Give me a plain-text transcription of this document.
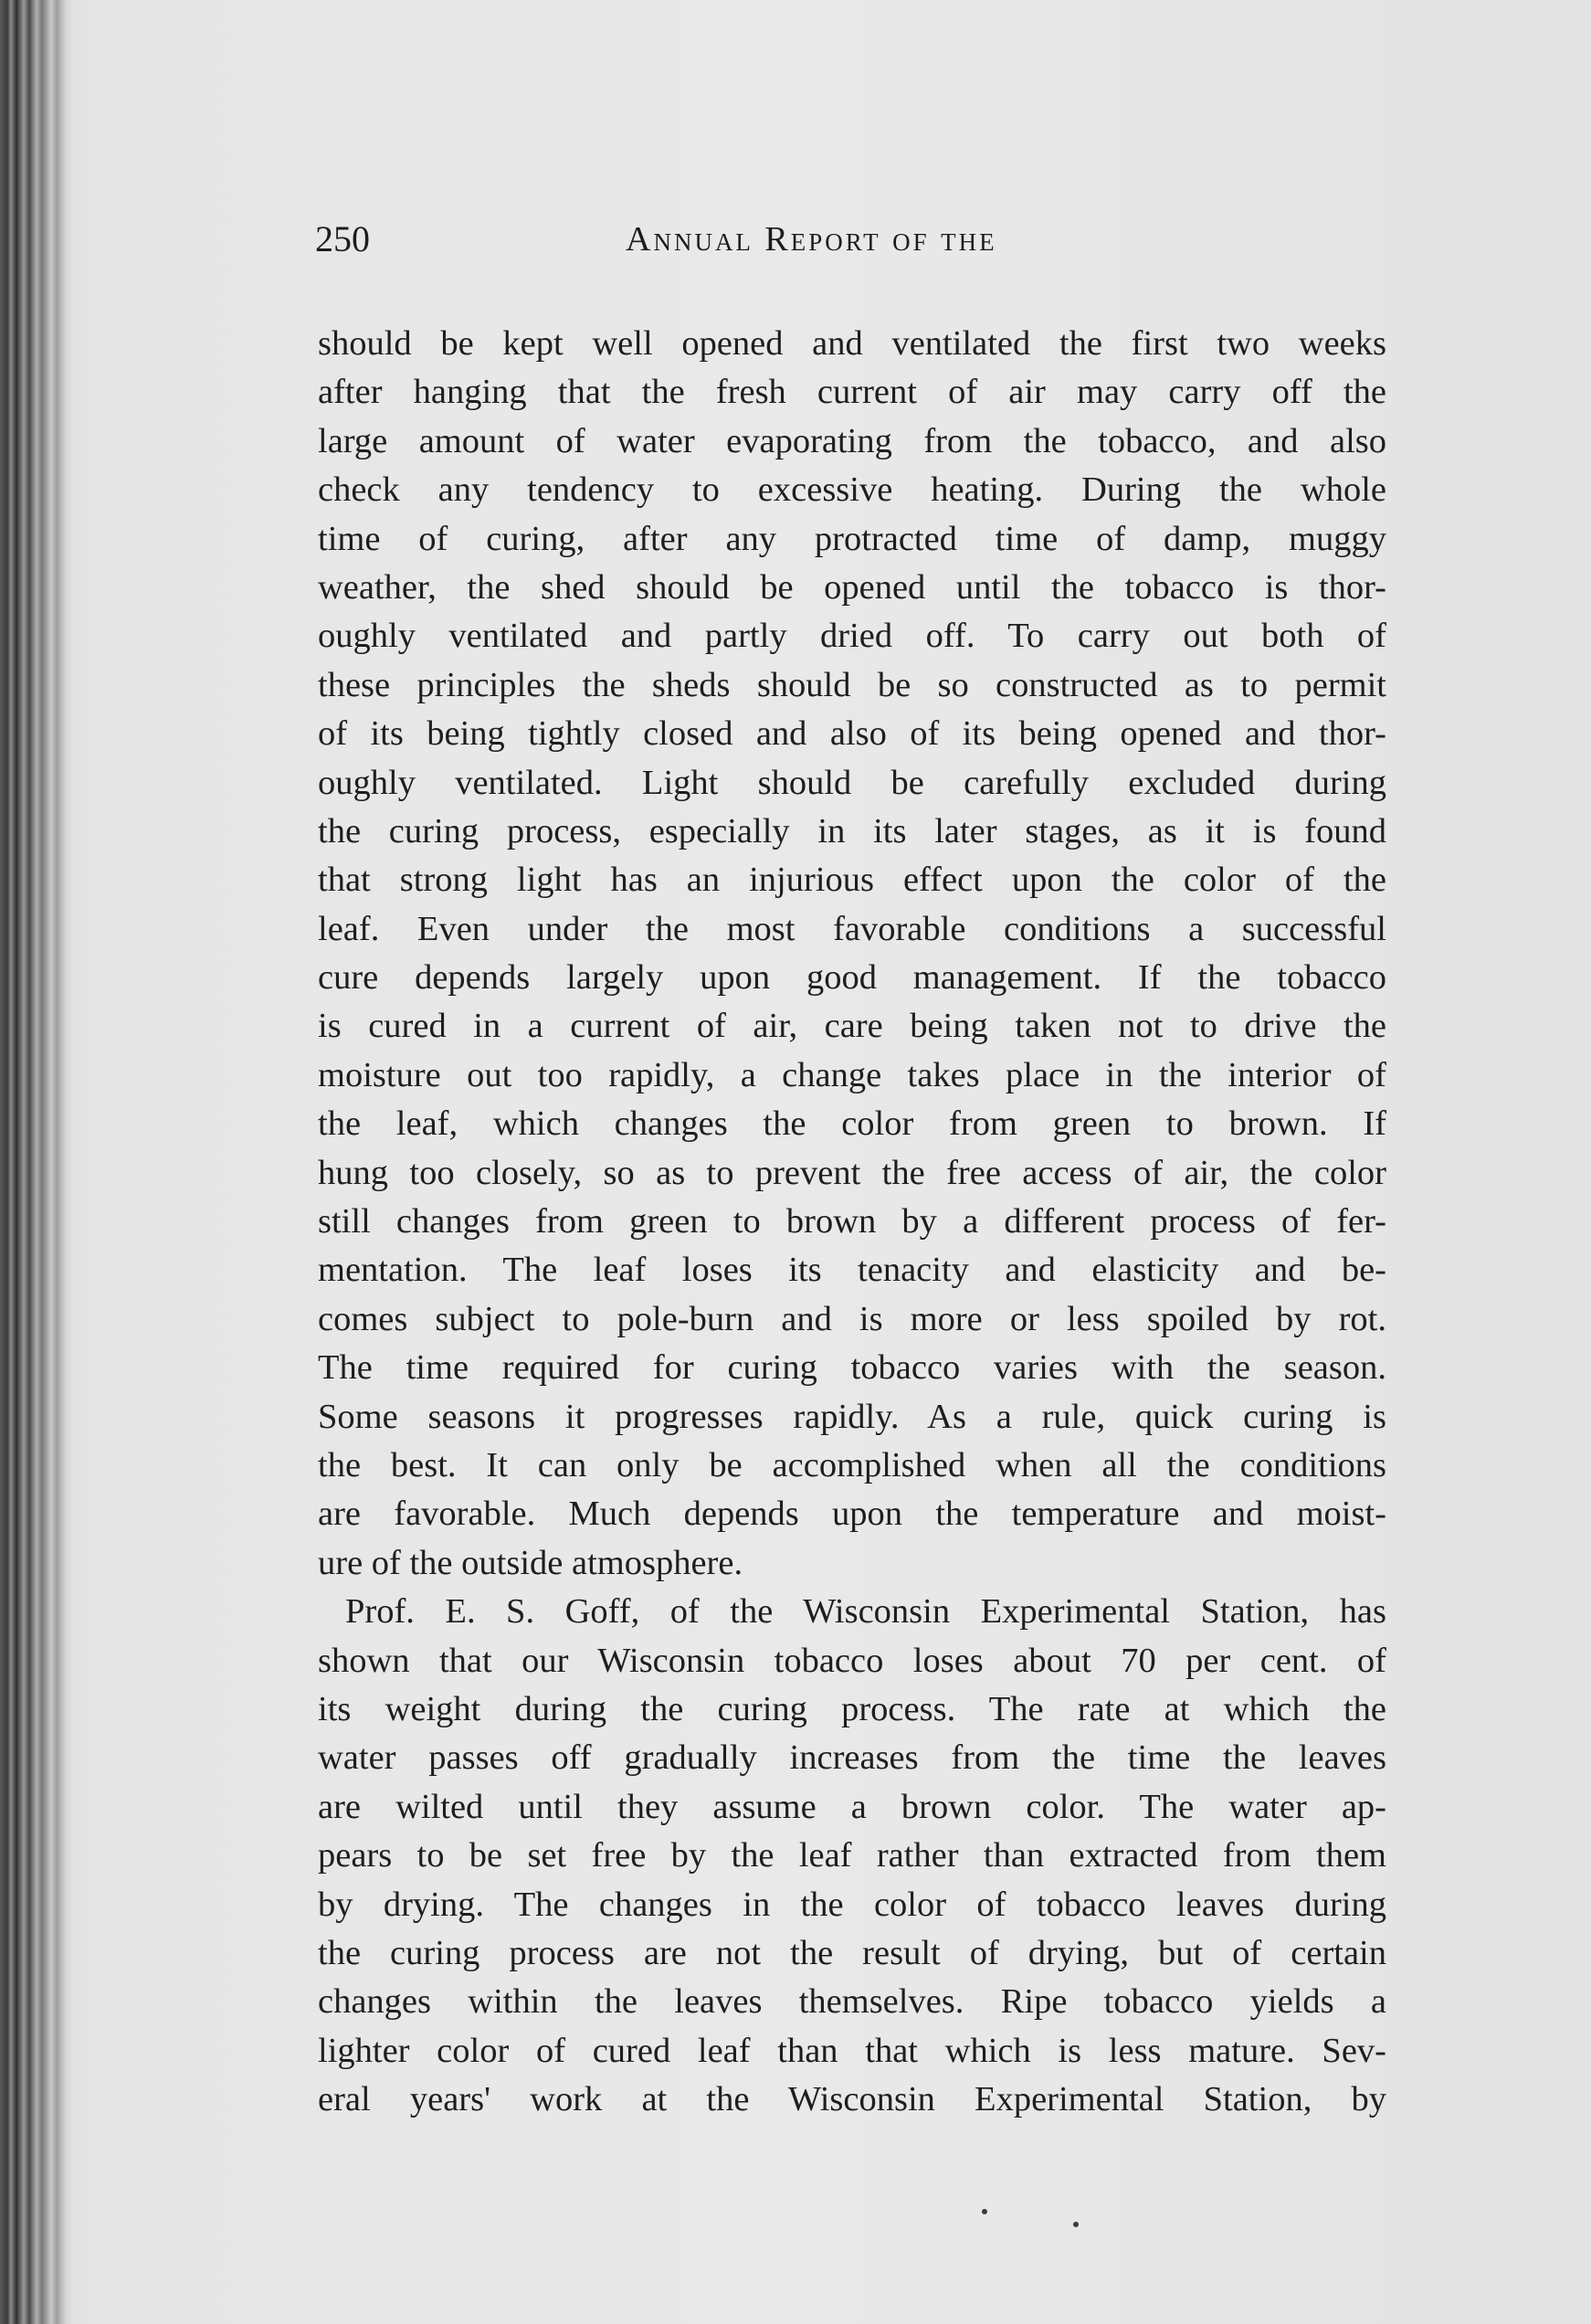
250	Annual Report of the
should be kept well opened and ventilated the first two weeks
after hanging that the fresh current of air may carry off the
large amount of water evaporating from the tobacco, and also
check any tendency to excessive heating. During the whole
time of curing, after any protracted time of damp, muggy
weather, the shed should be opened until the tobacco is thor-
oughly ventilated and partly dried off. To carry out both of
these principles the sheds should be so constructed as to permit
of its being tightly closed and also of its being opened and thor-
oughly ventilated. Light should be carefully excluded during
the curing process, especially in its later stages, as it is found
that strong light has an injurious effect upon the color of the
leaf. Even under the most favorable conditions a successful
cure depends largely upon good management. If the tobacco
is cured in a current of air, care being taken not to drive the
moisture out too rapidly, a change takes place in the interior of
the leaf, which changes the color from green to brown. If
hung too closely, so as to prevent the free access of air, the color
still changes from green to brown by a different process of fer-
mentation. The leaf loses its tenacity and elasticity and be-
comes subject to pole-burn and is more or less spoiled by rot.
The time required for curing tobacco varies with the season.
Some seasons it progresses rapidly. As a rule, quick curing is
the best. It can only be accomplished when all the conditions
are favorable. Much depends upon the temperature and moist-
ure of the outside atmosphere.
Prof. E. S. Goff, of the Wisconsin Experimental Station, has
shown that our Wisconsin tobacco loses about 70 per cent. of
its weight during the curing process. The rate at which the
water passes off gradually increases from the time the leaves
are wilted until they assume a brown color. The water ap-
pears to be set free by the leaf rather than extracted from them
by drying. The changes in the color of tobacco leaves during
the curing process are not the result of drying, but of certain
changes within the leaves themselves. Ripe tobacco yields a
lighter color of cured leaf than that which is less mature. Sev-
eral years' work at the Wisconsin Experimental Station, by
